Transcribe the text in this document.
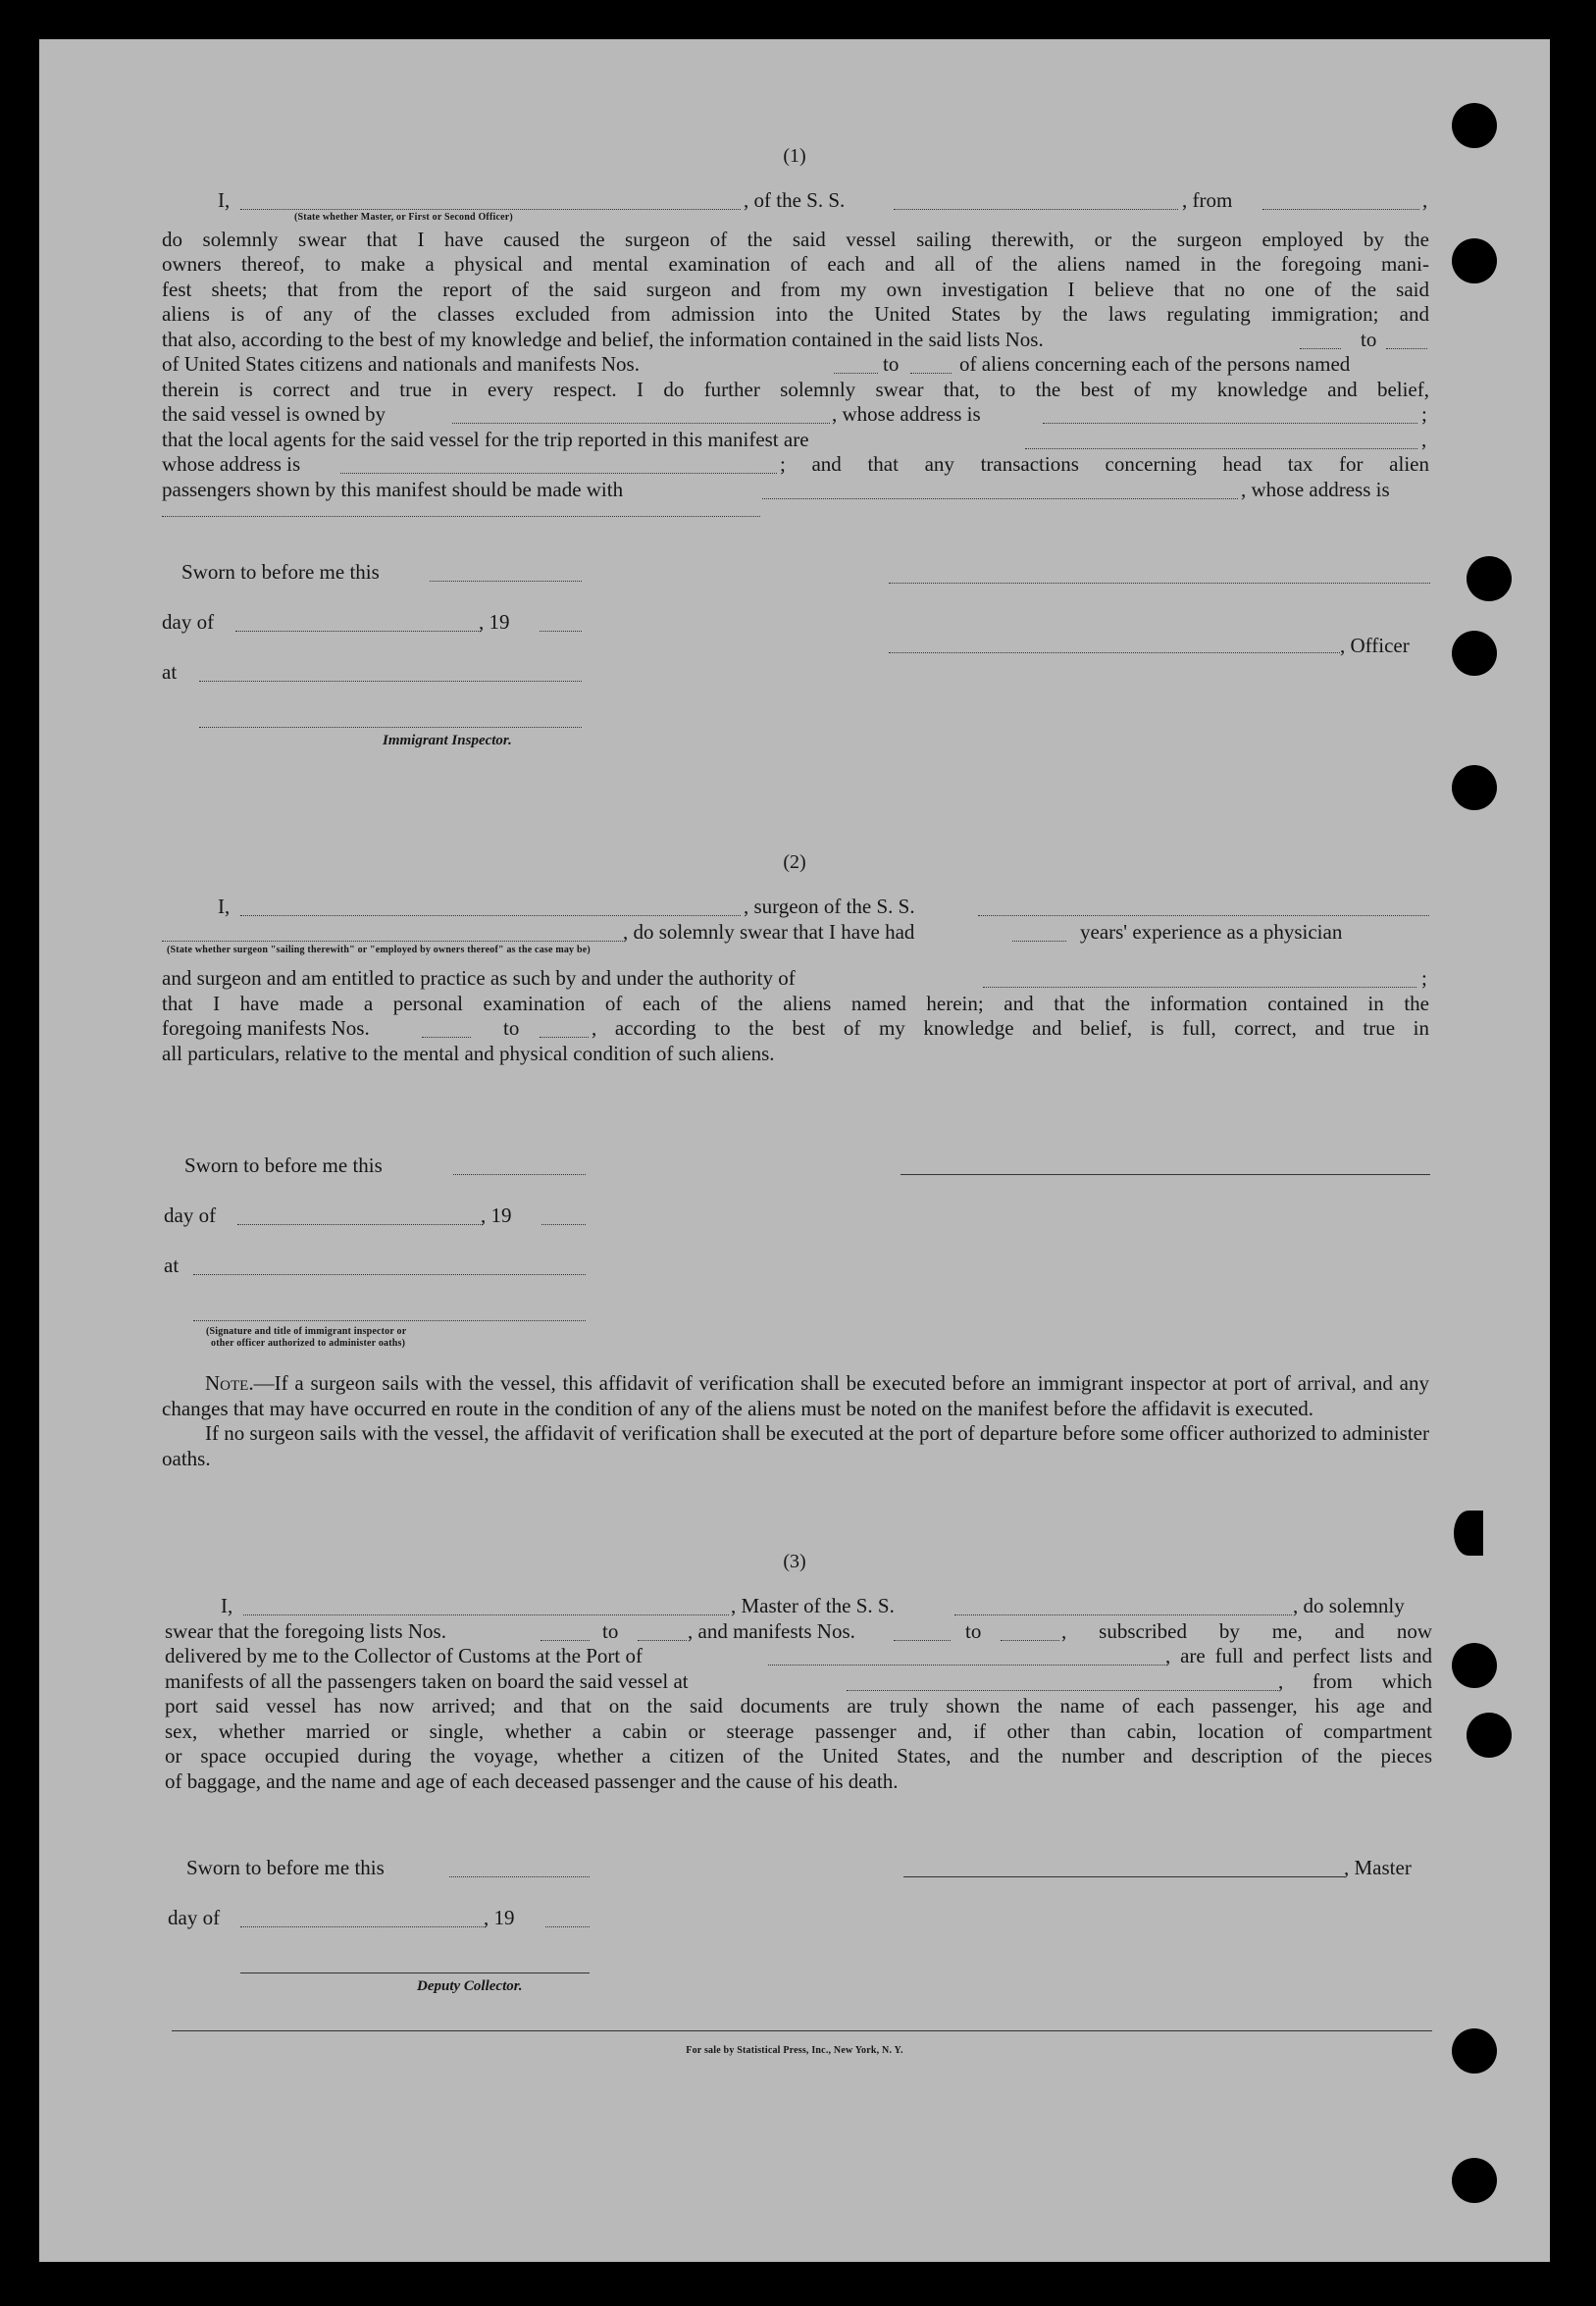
(1)
I,	, of the S. S.	, from	,
(State whether Master, or First or Second Officer)
do solemnly swear that I have caused the surgeon of the said vessel sailing therewith, or the surgeon employed by the
owners thereof, to make a physical and mental examination of each and all of the aliens named in the foregoing mani-
fest sheets; that from the report of the said surgeon and from my own investigation I believe that no one of the said
aliens is of any of the classes excluded from admission into the United States by the laws regulating immigration; and
that also, according to the best of my knowledge and belief, the information contained in the said lists Nos.	to
of United States citizens and nationals and manifests Nos.	to	of aliens concerning each of the persons named
therein is correct and true in every respect. I do further solemnly swear that, to the best of my knowledge and belief,
the said vessel is owned by	, whose address is	;
that the local agents for the said vessel for the trip reported in this manifest are	,
whose address is	; and that any transactions concerning head tax for alien
passengers shown by this manifest should be made with	, whose address is
Sworn to before me this
day of	, 19
at
Immigrant Inspector.
, Officer
(2)
I,	, surgeon of the S. S.
, do solemnly swear that I have had	years' experience as a physician
(State whether surgeon "sailing therewith" or "employed by owners thereof" as the case may be)
and surgeon and am entitled to practice as such by and under the authority of	;
that I have made a personal examination of each of the aliens named herein; and that the information contained in the
foregoing manifests Nos.	to	, according to the best of my knowledge and belief, is full, correct, and true in
all particulars, relative to the mental and physical condition of such aliens.
Sworn to before me this
day of	, 19
at
(Signature and title of immigrant inspector or
other officer authorized to administer oaths)
Note.—If a surgeon sails with the vessel, this affidavit of verification shall be executed before an immigrant inspector at port of arrival, and any changes that may have occurred en route in the condition of any of the aliens must be noted on the manifest before the affidavit is executed.
If no surgeon sails with the vessel, the affidavit of verification shall be executed at the port of departure before some officer authorized to administer oaths.
(3)
I,	, Master of the S. S.	, do solemnly
swear that the foregoing lists Nos.	to	, and manifests Nos.	to	, subscribed by me, and now
delivered by me to the Collector of Customs at the Port of	, are full and perfect lists and
manifests of all the passengers taken on board the said vessel at	, from which
port said vessel has now arrived; and that on the said documents are truly shown the name of each passenger, his age and
sex, whether married or single, whether a cabin or steerage passenger and, if other than cabin, location of compartment
or space occupied during the voyage, whether a citizen of the United States, and the number and description of the pieces
of baggage, and the name and age of each deceased passenger and the cause of his death.
Sworn to before me this
day of	, 19
Deputy Collector.
, Master
For sale by Statistical Press, Inc., New York, N. Y.
